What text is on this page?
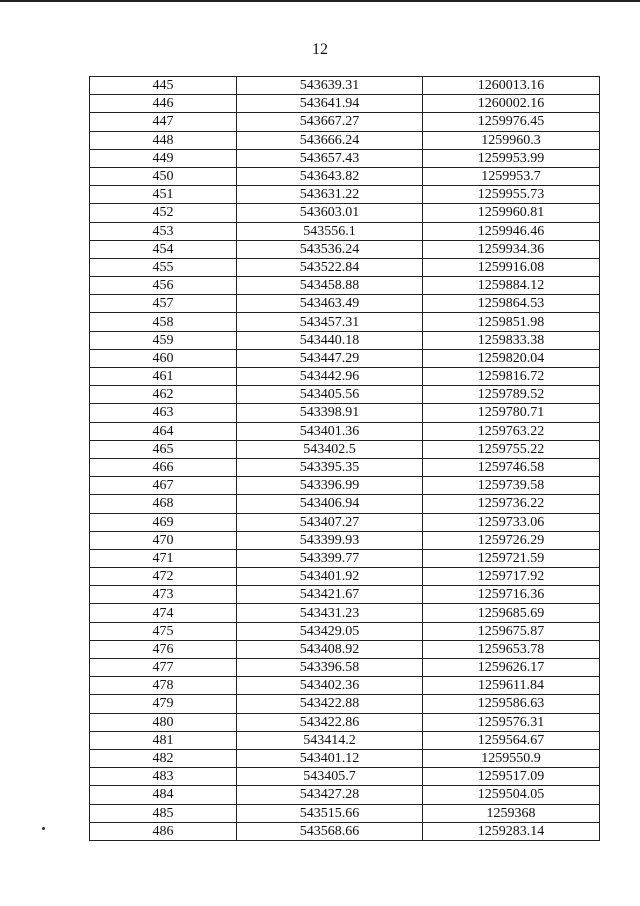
12
445	543639.31	1260013.16
446	543641.94	1260002.16
447	543667.27	1259976.45
448	543666.24	1259960.3
449	543657.43	1259953.99
450	543643.82	1259953.7
451	543631.22	1259955.73
452	543603.01	1259960.81
453	543556.1	1259946.46
454	543536.24	1259934.36
455	543522.84	1259916.08
456	543458.88	1259884.12
457	543463.49	1259864.53
458	543457.31	1259851.98
459	543440.18	1259833.38
460	543447.29	1259820.04
461	543442.96	1259816.72
462	543405.56	1259789.52
463	543398.91	1259780.71
464	543401.36	1259763.22
465	543402.5	1259755.22
466	543395.35	1259746.58
467	543396.99	1259739.58
468	543406.94	1259736.22
469	543407.27	1259733.06
470	543399.93	1259726.29
471	543399.77	1259721.59
472	543401.92	1259717.92
473	543421.67	1259716.36
474	543431.23	1259685.69
475	543429.05	1259675.87
476	543408.92	1259653.78
477	543396.58	1259626.17
478	543402.36	1259611.84
479	543422.88	1259586.63
480	543422.86	1259576.31
481	543414.2	1259564.67
482	543401.12	1259550.9
483	543405.7	1259517.09
484	543427.28	1259504.05
485	543515.66	1259368
486	543568.66	1259283.14
